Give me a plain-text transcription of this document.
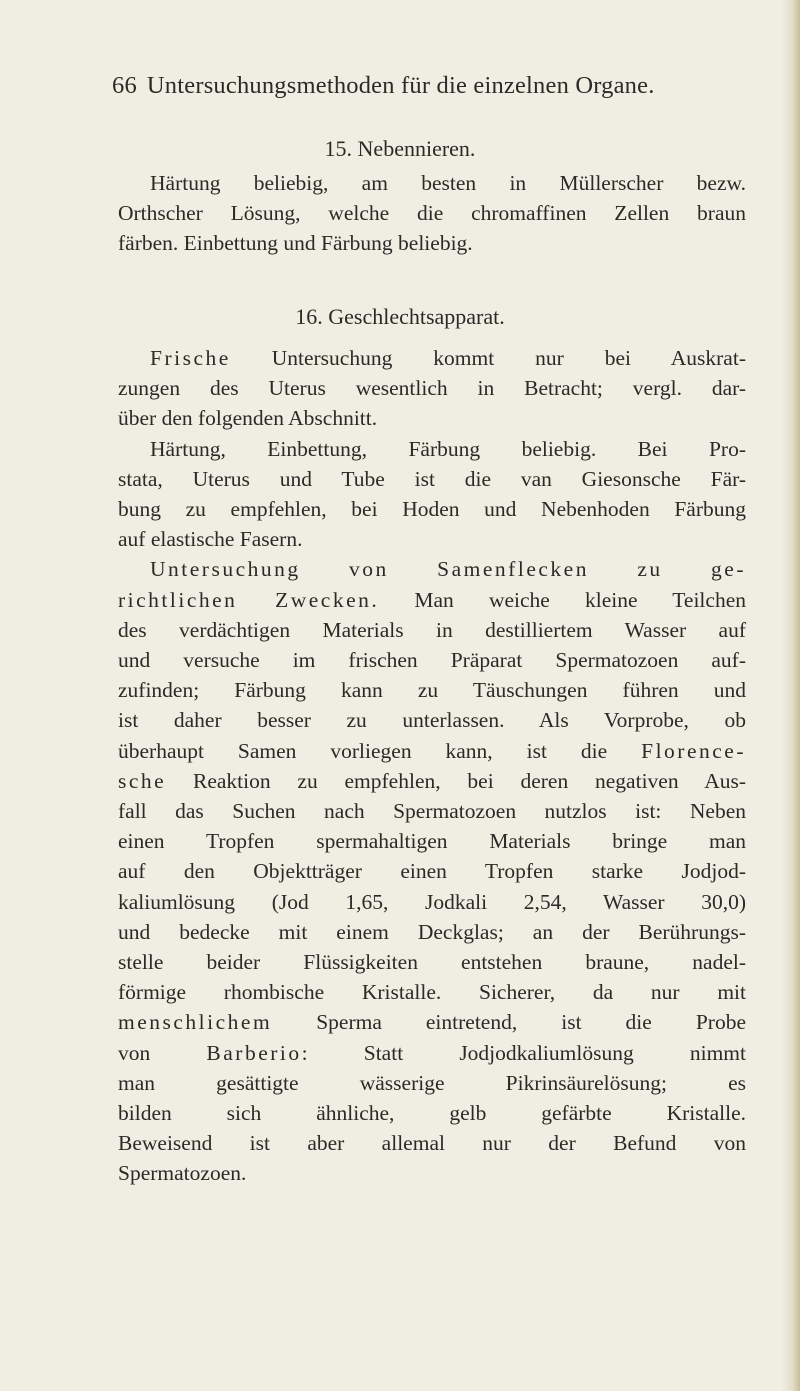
66 Untersuchungsmethoden für die einzelnen Organe.
15. Nebennieren.
Härtung beliebig, am besten in Müllerscher bezw.
Orthscher Lösung, welche die chromaffinen Zellen braun
färben. Einbettung und Färbung beliebig.
16. Geschlechtsapparat.
Frische Untersuchung kommt nur bei Auskrat-
zungen des Uterus wesentlich in Betracht; vergl. dar-
über den folgenden Abschnitt.
Härtung, Einbettung, Färbung beliebig. Bei Pro-
stata, Uterus und Tube ist die van Giesonsche Fär-
bung zu empfehlen, bei Hoden und Nebenhoden Färbung
auf elastische Fasern.
Untersuchung von Samenflecken zu ge-
richtlichen Zwecken. Man weiche kleine Teilchen
des verdächtigen Materials in destilliertem Wasser auf
und versuche im frischen Präparat Spermatozoen auf-
zufinden; Färbung kann zu Täuschungen führen und
ist daher besser zu unterlassen. Als Vorprobe, ob
überhaupt Samen vorliegen kann, ist die Florence-
sche Reaktion zu empfehlen, bei deren negativen Aus-
fall das Suchen nach Spermatozoen nutzlos ist: Neben
einen Tropfen spermahaltigen Materials bringe man
auf den Objektträger einen Tropfen starke Jodjod-
kaliumlösung (Jod 1,65, Jodkali 2,54, Wasser 30,0)
und bedecke mit einem Deckglas; an der Berührungs-
stelle beider Flüssigkeiten entstehen braune, nadel-
förmige rhombische Kristalle. Sicherer, da nur mit
menschlichem Sperma eintretend, ist die Probe
von Barberio: Statt Jodjodkaliumlösung nimmt
man gesättigte wässerige Pikrinsäurelösung; es
bilden sich ähnliche, gelb gefärbte Kristalle.
Beweisend ist aber allemal nur der Befund von
Spermatozoen.
